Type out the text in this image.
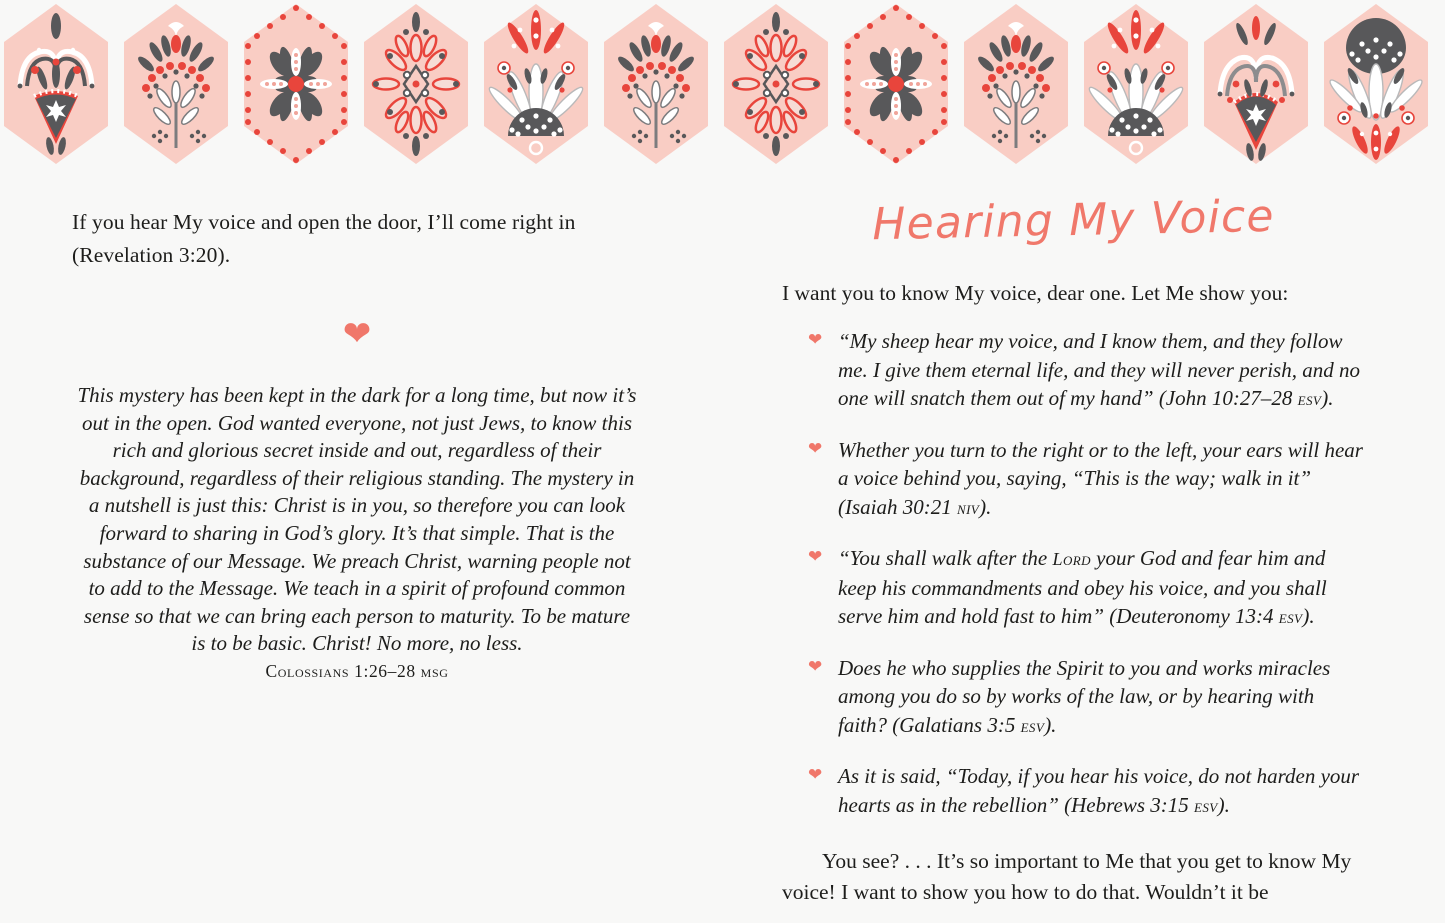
If you hear My voice and open the door, I’ll come right in (Revelation 3:20).

❤

This mystery has been kept in the dark for a long time, but now it’s out in the open. God wanted everyone, not just Jews, to know this rich and glorious secret inside and out, regardless of their background, regardless of their religious standing. The mystery in a nutshell is just this: Christ is in you, so therefore you can look forward to sharing in God’s glory. It’s that simple. That is the substance of our Message. We preach Christ, warning people not to add to the Message. We teach in a spirit of profound common sense so that we can bring each person to maturity. To be mature is to be basic. Christ! No more, no less.

Colossians 1:26–28 msg
Hearing My Voice

I want you to know My voice, dear one. Let Me show you:

❤ “My sheep hear my voice, and I know them, and they follow me. I give them eternal life, and they will never perish, and no one will snatch them out of my hand” (John 10:27–28 esv).
❤ Whether you turn to the right or to the left, your ears will hear a voice behind you, saying, “This is the way; walk in it” (Isaiah 30:21 niv).
❤ “You shall walk after the Lord your God and fear him and keep his commandments and obey his voice, and you shall serve him and hold fast to him” (Deuteronomy 13:4 esv).
❤ Does he who supplies the Spirit to you and works miracles among you do so by works of the law, or by hearing with faith? (Galatians 3:5 esv).
❤ As it is said, “Today, if you hear his voice, do not harden your hearts as in the rebellion” (Hebrews 3:15 esv).

You see? . . . It’s so important to Me that you get to know My voice! I want to show you how to do that. Wouldn’t it be
